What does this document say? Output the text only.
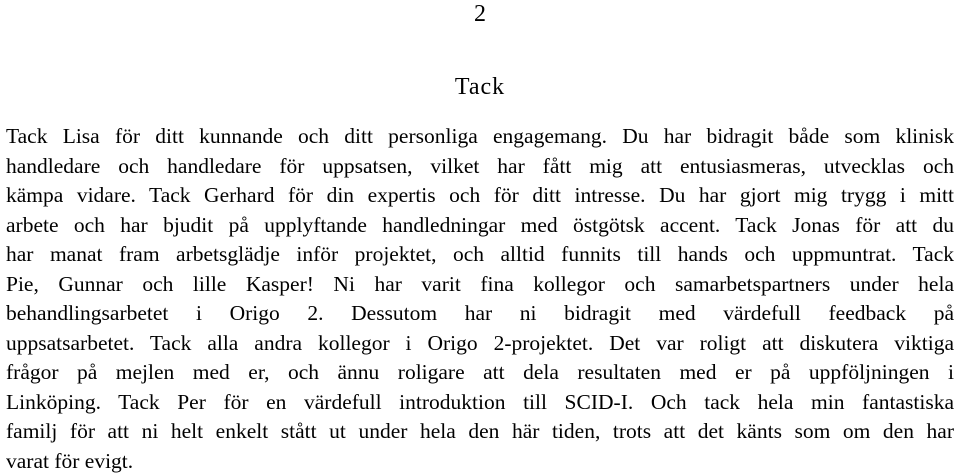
2
Tack
Tack Lisa för ditt kunnande och ditt personliga engagemang. Du har bidragit både som klinisk
handledare och handledare för uppsatsen, vilket har fått mig att entusiasmeras, utvecklas och
kämpa vidare. Tack Gerhard för din expertis och för ditt intresse. Du har gjort mig trygg i mitt
arbete och har bjudit på upplyftande handledningar med östgötsk accent. Tack Jonas för att du
har manat fram arbetsglädje inför projektet, och alltid funnits till hands och uppmuntrat. Tack
Pie, Gunnar och lille Kasper! Ni har varit fina kollegor och samarbetspartners under hela
behandlingsarbetet i Origo 2. Dessutom har ni bidragit med värdefull feedback på
uppsatsarbetet. Tack alla andra kollegor i Origo 2-projektet. Det var roligt att diskutera viktiga
frågor på mejlen med er, och ännu roligare att dela resultaten med er på uppföljningen i
Linköping. Tack Per för en värdefull introduktion till SCID-I. Och tack hela min fantastiska
familj för att ni helt enkelt stått ut under hela den här tiden, trots att det känts som om den har
varat för evigt.
